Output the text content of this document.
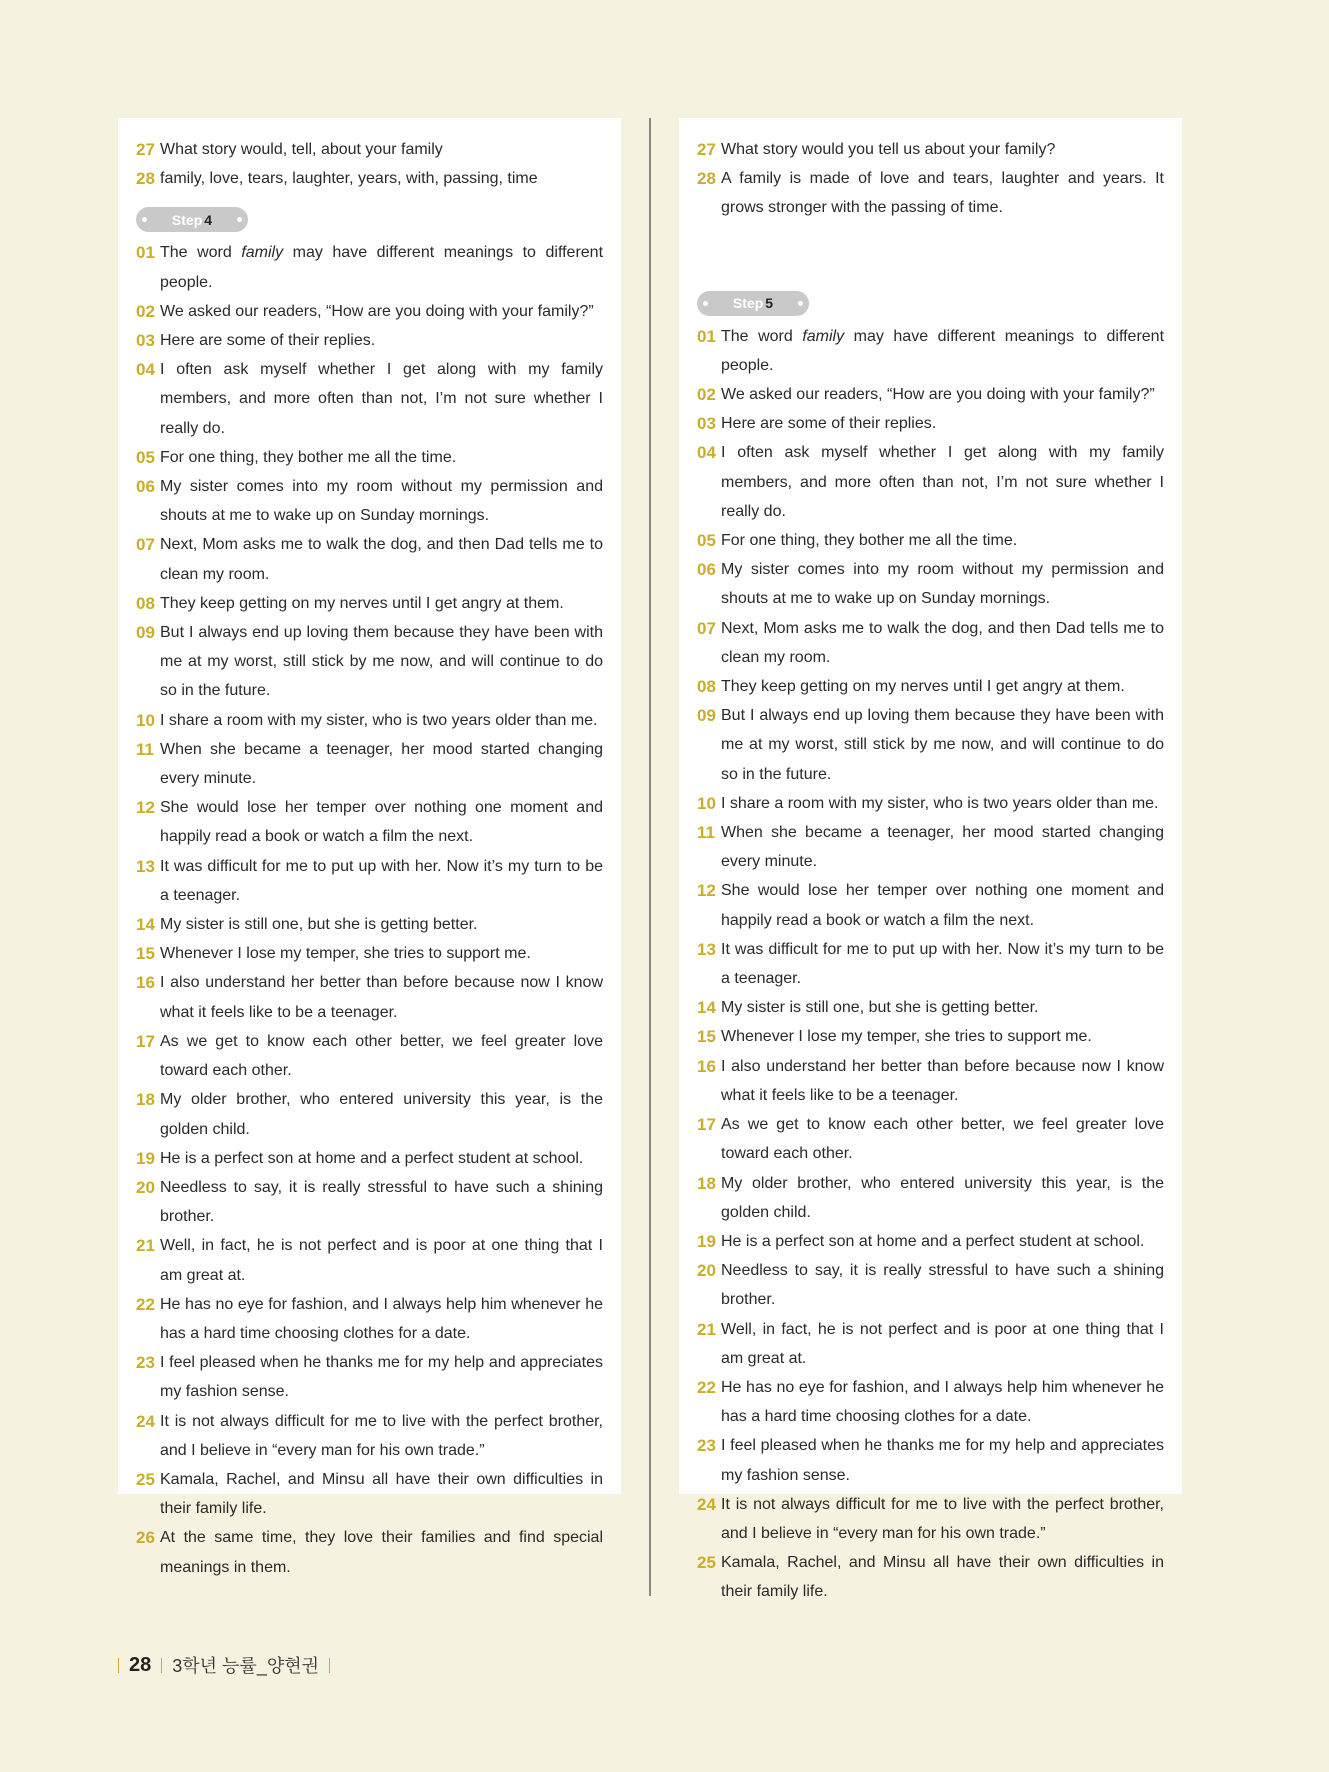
27 What story would, tell, about your family
28 family, love, tears, laughter, years, with, passing, time
Step 4
01 The word family may have different meanings to different people.
02 We asked our readers, “How are you doing with your family?”
03 Here are some of their replies.
04 I often ask myself whether I get along with my family members, and more often than not, I’m not sure whether I really do.
05 For one thing, they bother me all the time.
06 My sister comes into my room without my permission and shouts at me to wake up on Sunday mornings.
07 Next, Mom asks me to walk the dog, and then Dad tells me to clean my room.
08 They keep getting on my nerves until I get angry at them.
09 But I always end up loving them because they have been with me at my worst, still stick by me now, and will continue to do so in the future.
10 I share a room with my sister, who is two years older than me.
11 When she became a teenager, her mood started changing every minute.
12 She would lose her temper over nothing one moment and happily read a book or watch a film the next.
13 It was difficult for me to put up with her. Now it’s my turn to be a teenager.
14 My sister is still one, but she is getting better.
15 Whenever I lose my temper, she tries to support me.
16 I also understand her better than before because now I know what it feels like to be a teenager.
17 As we get to know each other better, we feel greater love toward each other.
18 My older brother, who entered university this year, is the golden child.
19 He is a perfect son at home and a perfect student at school.
20 Needless to say, it is really stressful to have such a shining brother.
21 Well, in fact, he is not perfect and is poor at one thing that I am great at.
22 He has no eye for fashion, and I always help him whenever he has a hard time choosing clothes for a date.
23 I feel pleased when he thanks me for my help and appreciates my fashion sense.
24 It is not always difficult for me to live with the perfect brother, and I believe in “every man for his own trade.”
25 Kamala, Rachel, and Minsu all have their own difficulties in their family life.
26 At the same time, they love their families and find special meanings in them.
27 What story would you tell us about your family?
28 A family is made of love and tears, laughter and years. It grows stronger with the passing of time.
Step 5
01 The word family may have different meanings to different people.
02 We asked our readers, “How are you doing with your family?”
03 Here are some of their replies.
04 I often ask myself whether I get along with my family members, and more often than not, I’m not sure whether I really do.
05 For one thing, they bother me all the time.
06 My sister comes into my room without my permission and shouts at me to wake up on Sunday mornings.
07 Next, Mom asks me to walk the dog, and then Dad tells me to clean my room.
08 They keep getting on my nerves until I get angry at them.
09 But I always end up loving them because they have been with me at my worst, still stick by me now, and will continue to do so in the future.
10 I share a room with my sister, who is two years older than me.
11 When she became a teenager, her mood started changing every minute.
12 She would lose her temper over nothing one moment and happily read a book or watch a film the next.
13 It was difficult for me to put up with her. Now it’s my turn to be a teenager.
14 My sister is still one, but she is getting better.
15 Whenever I lose my temper, she tries to support me.
16 I also understand her better than before because now I know what it feels like to be a teenager.
17 As we get to know each other better, we feel greater love toward each other.
18 My older brother, who entered university this year, is the golden child.
19 He is a perfect son at home and a perfect student at school.
20 Needless to say, it is really stressful to have such a shining brother.
21 Well, in fact, he is not perfect and is poor at one thing that I am great at.
22 He has no eye for fashion, and I always help him whenever he has a hard time choosing clothes for a date.
23 I feel pleased when he thanks me for my help and appreciates my fashion sense.
24 It is not always difficult for me to live with the perfect brother, and I believe in “every man for his own trade.”
25 Kamala, Rachel, and Minsu all have their own difficulties in their family life.
28 3학년 능률_양현권
